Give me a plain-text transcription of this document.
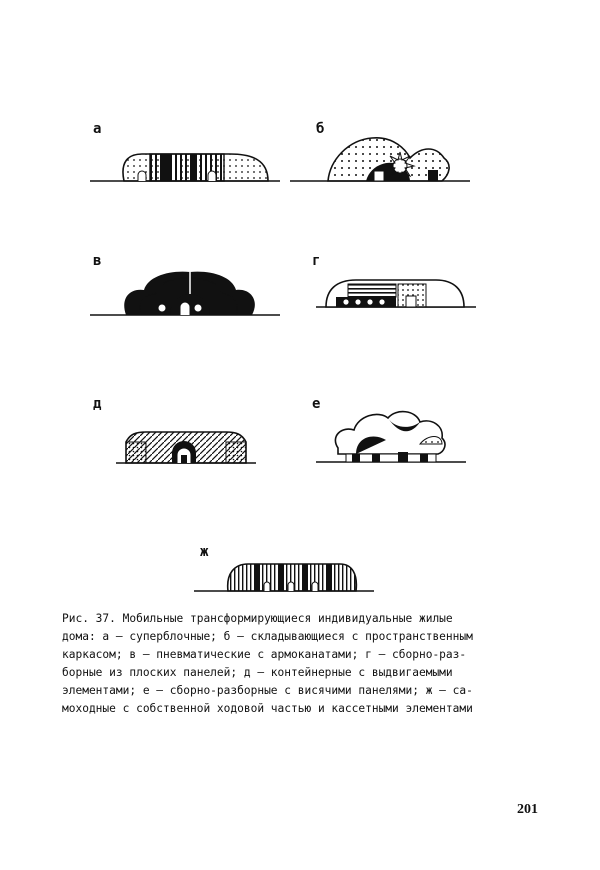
а	б
в	г
д	е
ж
Рис. 37. Мобильные трансформирующиеся индивидуальные жилые
дома: а – суперблочные; б – складывающиеся с пространственным
каркасом; в – пневматические с армоканатами; г – сборно-раз-
борные из плоских панелей; д – контейнерные с выдвигаемыми
элементами; е – сборно-разборные с висячими панелями; ж – са-
моходные с собственной ходовой частью и кассетными элементами
201
